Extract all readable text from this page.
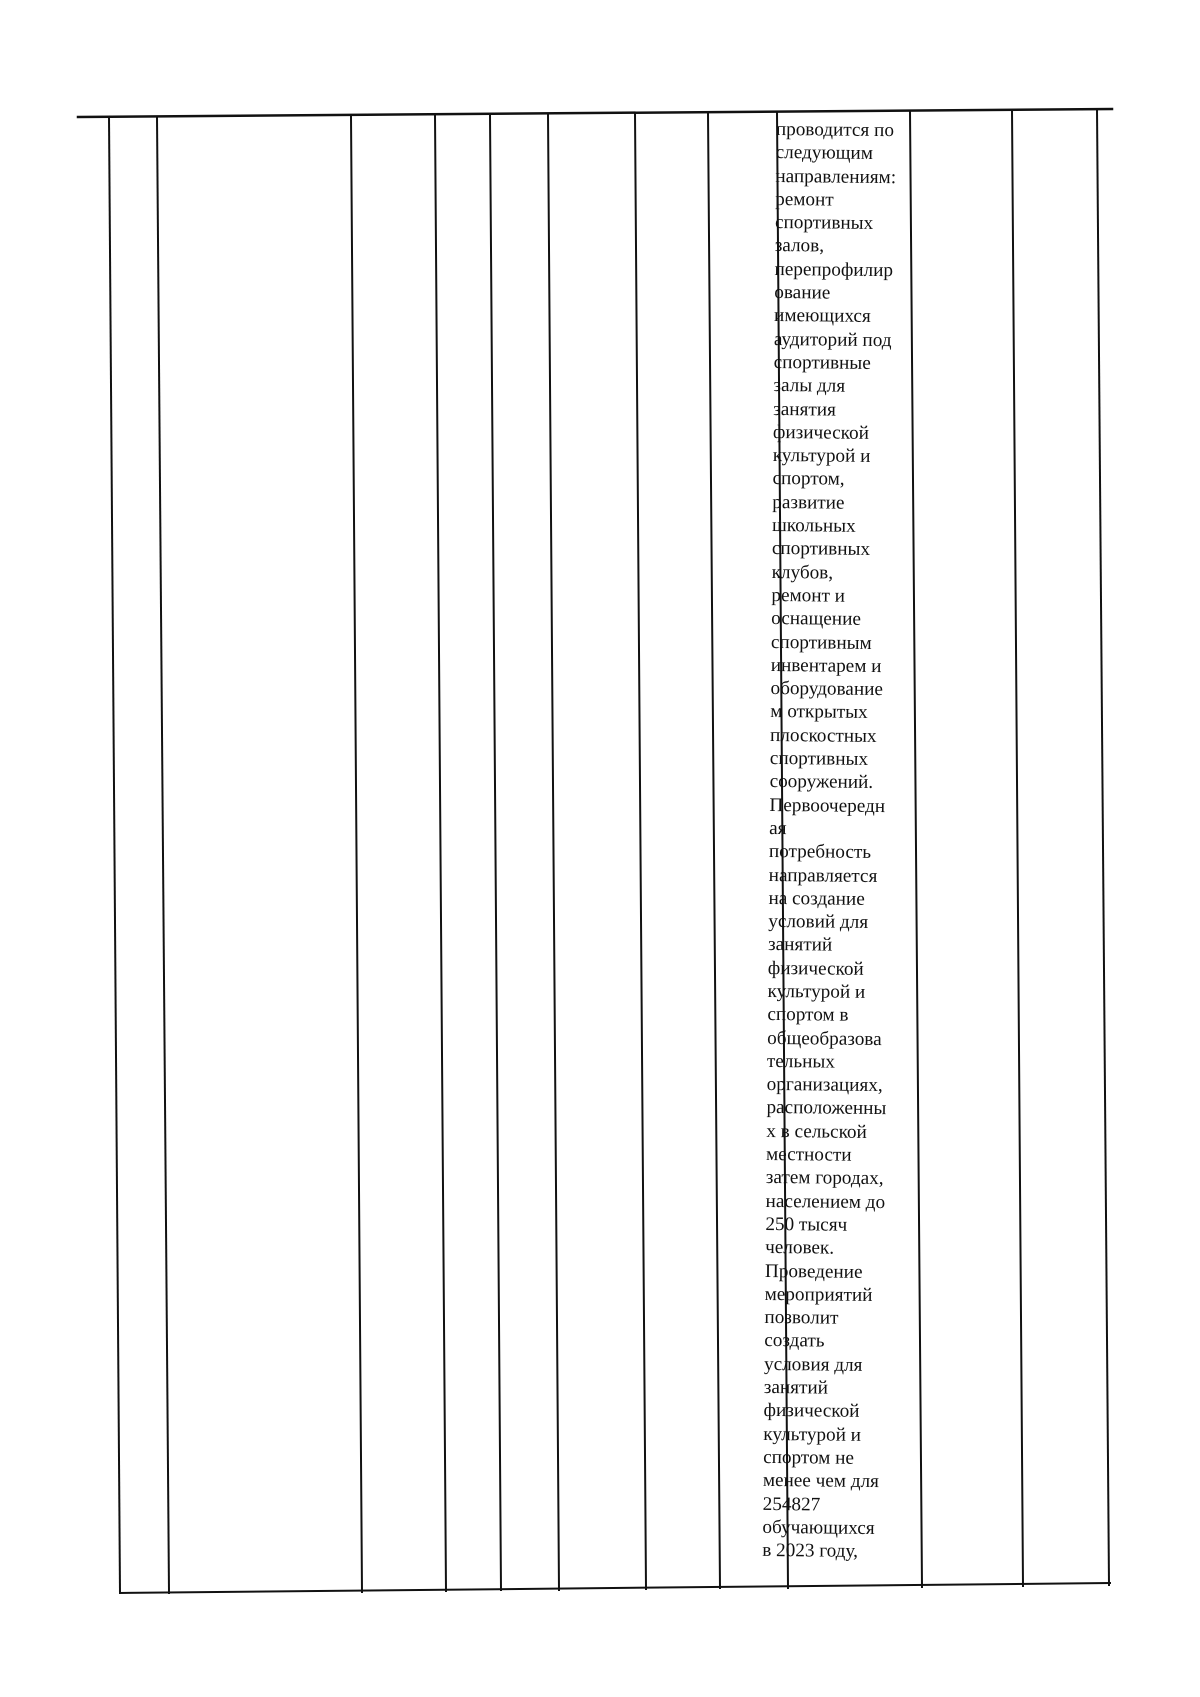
проводится по
следующим
направлениям:
ремонт
спортивных
залов,
перепрофилир
ование
имеющихся
аудиторий под
спортивные
залы для
занятия
физической
культурой и
спортом,
развитие
школьных
спортивных
клубов,
ремонт и
оснащение
спортивным
инвентарем и
оборудование
м открытых
плоскостных
спортивных
сооружений.
Первоочередн
ая
потребность
направляется
на создание
условий для
занятий
физической
культурой и
спортом в
общеобразова
тельных
организациях,
расположенны
х в сельской
местности
затем городах,
населением до
250 тысяч
человек.
Проведение
мероприятий
позволит
создать
условия для
занятий
физической
культурой и
спортом не
менее чем для
254827
обучающихся
в 2023 году,
